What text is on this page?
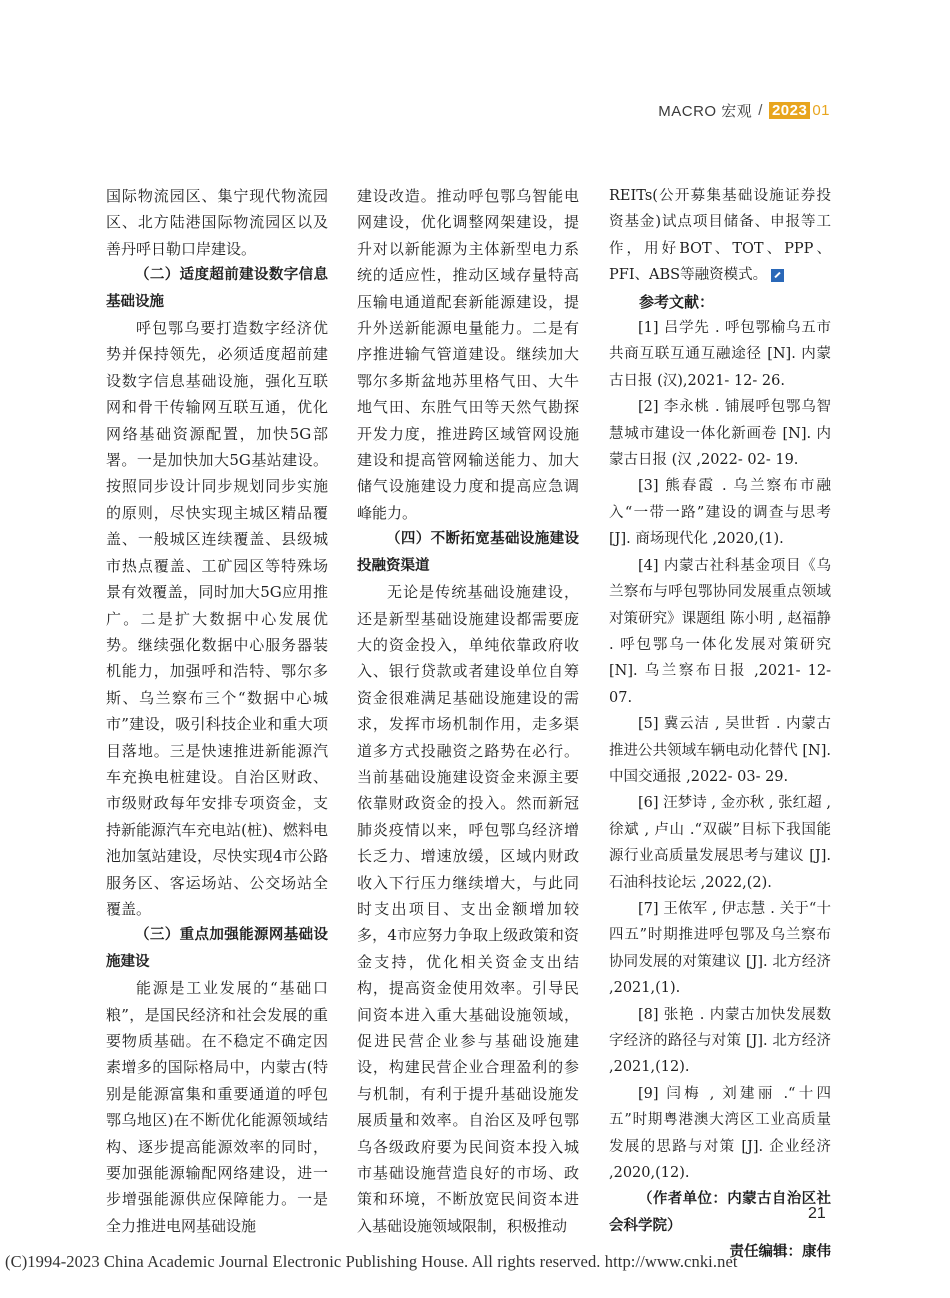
MACRO 宏观 / 2023 01

国际物流园区、集宁现代物流园区、北方陆港国际物流园区以及善丹呼日勒口岸建设。

（二）适度超前建设数字信息基础设施

呼包鄂乌要打造数字经济优势并保持领先，必须适度超前建设数字信息基础设施，强化互联网和骨干传输网互联互通，优化网络基础资源配置，加快5G部署。一是加快加大5G基站建设。按照同步设计同步规划同步实施的原则，尽快实现主城区精品覆盖、一般城区连续覆盖、县级城市热点覆盖、工矿园区等特殊场景有效覆盖，同时加大5G应用推广。二是扩大数据中心发展优势。继续强化数据中心服务器装机能力，加强呼和浩特、鄂尔多斯、乌兰察布三个“数据中心城市”建设，吸引科技企业和重大项目落地。三是快速推进新能源汽车充换电桩建设。自治区财政、市级财政每年安排专项资金，支持新能源汽车充电站(桩)、燃料电池加氢站建设，尽快实现4市公路服务区、客运场站、公交场站全覆盖。

（三）重点加强能源网基础设施建设

能源是工业发展的“基础口粮”，是国民经济和社会发展的重要物质基础。在不稳定不确定因素增多的国际格局中，内蒙古(特别是能源富集和重要通道的呼包鄂乌地区)在不断优化能源领域结构、逐步提高能源效率的同时，要加强能源输配网络建设，进一步增强能源供应保障能力。一是全力推进电网基础设施

建设改造。推动呼包鄂乌智能电网建设，优化调整网架建设，提升对以新能源为主体新型电力系统的适应性，推动区域存量特高压输电通道配套新能源建设，提升外送新能源电量能力。二是有序推进输气管道建设。继续加大鄂尔多斯盆地苏里格气田、大牛地气田、东胜气田等天然气勘探开发力度，推进跨区域管网设施建设和提高管网输送能力、加大储气设施建设力度和提高应急调峰能力。

（四）不断拓宽基础设施建设投融资渠道

无论是传统基础设施建设，还是新型基础设施建设都需要庞大的资金投入，单纯依靠政府收入、银行贷款或者建设单位自筹资金很难满足基础设施建设的需求，发挥市场机制作用，走多渠道多方式投融资之路势在必行。当前基础设施建设资金来源主要依靠财政资金的投入。然而新冠肺炎疫情以来，呼包鄂乌经济增长乏力、增速放缓，区域内财政收入下行压力继续增大，与此同时支出项目、支出金额增加较多，4市应努力争取上级政策和资金支持，优化相关资金支出结构，提高资金使用效率。引导民间资本进入重大基础设施领域，促进民营企业参与基础设施建设，构建民营企业合理盈利的参与机制，有利于提升基础设施发展质量和效率。自治区及呼包鄂乌各级政府要为民间资本投入城市基础设施营造良好的市场、政策和环境，不断放宽民间资本进入基础设施领域限制，积极推动

REITs(公开募集基础设施证券投资基金)试点项目储备、申报等工作，用好BOT、TOT、PPP、PFI、ABS等融资模式。

参考文献：

[1] 吕学先 . 呼包鄂榆乌五市共商互联互通互融途径 [N]. 内蒙古日报 (汉),2021- 12- 26.

[2] 李永桃 . 铺展呼包鄂乌智慧城市建设一体化新画卷 [N]. 内蒙古日报 (汉 ,2022- 02- 19.

[3] 熊春霞 . 乌兰察布市融入“一带一路”建设的调查与思考 [J]. 商场现代化 ,2020,(1).

[4] 内蒙古社科基金项目《乌兰察布与呼包鄂协同发展重点领域对策研究》课题组 陈小明 , 赵福静 . 呼包鄂乌一体化发展对策研究 [N]. 乌兰察布日报 ,2021- 12- 07.

[5] 冀云洁 , 吴世哲 . 内蒙古推进公共领域车辆电动化替代 [N]. 中国交通报 ,2022- 03- 29.

[6] 汪梦诗 , 金亦秋 , 张红超 , 徐斌 , 卢山 .“双碳”目标下我国能源行业高质量发展思考与建议 [J]. 石油科技论坛 ,2022,(2).

[7] 王侬军 , 伊志慧 . 关于“十四五”时期推进呼包鄂及乌兰察布协同发展的对策建议 [J]. 北方经济 ,2021,(1).

[8] 张艳 . 内蒙古加快发展数字经济的路径与对策 [J]. 北方经济 ,2021,(12).

[9] 闫梅 , 刘建丽 .“十四五”时期粤港澳大湾区工业高质量发展的思路与对策 [J]. 企业经济 ,2020,(12).

（作者单位：内蒙古自治区社会科学院）

责任编辑：康伟

21
(C)1994-2023 China Academic Journal Electronic Publishing House. All rights reserved. http://www.cnki.net
